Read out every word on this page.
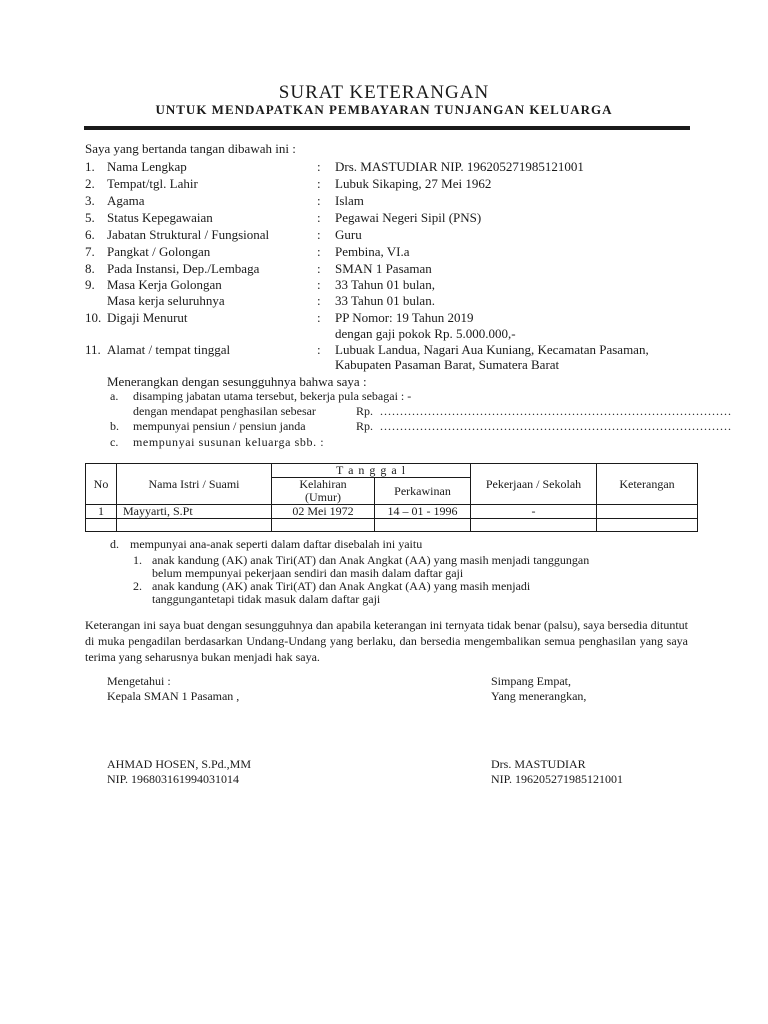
SURAT KETERANGAN
UNTUK MENDAPATKAN PEMBAYARAN TUNJANGAN KELUARGA
Saya yang bertanda tangan dibawah ini :
1. Nama Lengkap	: Drs. MASTUDIAR NIP. 196205271985121001
2. Tempat/tgl. Lahir	: Lubuk Sikaping, 27 Mei 1962
3. Agama	: Islam
5. Status Kepegawaian	: Pegawai Negeri Sipil (PNS)
6. Jabatan Struktural / Fungsional	: Guru
7. Pangkat / Golongan	: Pembina, VI.a
8. Pada Instansi, Dep./Lembaga	: SMAN 1 Pasaman
9. Masa Kerja Golongan	: 33 Tahun 01 bulan,
Masa kerja seluruhnya	: 33 Tahun 01 bulan.
10. Digaji Menurut	: PP Nomor: 19 Tahun 2019
dengan gaji pokok Rp. 5.000.000,-
11. Alamat / tempat tinggal	: Lubuak Landua, Nagari Aua Kuniang, Kecamatan Pasaman,
Kabupaten Pasaman Barat, Sumatera Barat
Menerangkan dengan sesungguhnya bahwa saya :
a. disamping jabatan utama tersebut, bekerja pula sebagai : -
dengan mendapat penghasilan sebesar	Rp. ........................................................................................
b. mempunyai pensiun / pensiun janda	Rp. ........................................................................................
c. mempunyai susunan keluarga sbb. :
No	Nama Istri / Suami	T a n g g a l		Pekerjaan / Sekolah	Keterangan
		Kelahiran (Umur)	Perkawinan		
1	Mayyarti, S.Pt	02 Mei 1972	14 – 01 - 1996	-	

d. mempunyai ana-anak seperti dalam daftar disebalah ini yaitu
1. anak kandung (AK) anak Tiri(AT) dan Anak Angkat (AA) yang masih menjadi tanggungan
belum mempunyai pekerjaan sendiri dan masih dalam daftar gaji
2. anak kandung (AK) anak Tiri(AT) dan Anak Angkat (AA) yang masih menjadi
tanggungantetapi tidak masuk dalam daftar gaji
Keterangan ini saya buat dengan sesungguhnya dan apabila keterangan ini ternyata tidak benar (palsu), saya bersedia dituntut di muka pengadilan berdasarkan Undang-Undang yang berlaku, dan bersedia mengembalikan semua penghasilan yang saya terima yang seharusnya bukan menjadi hak saya.
Mengetahui :
Kepala SMAN 1 Pasaman ,
AHMAD HOSEN, S.Pd.,MM
NIP. 196803161994031014
Simpang Empat,
Yang menerangkan,
Drs. MASTUDIAR
NIP. 196205271985121001
